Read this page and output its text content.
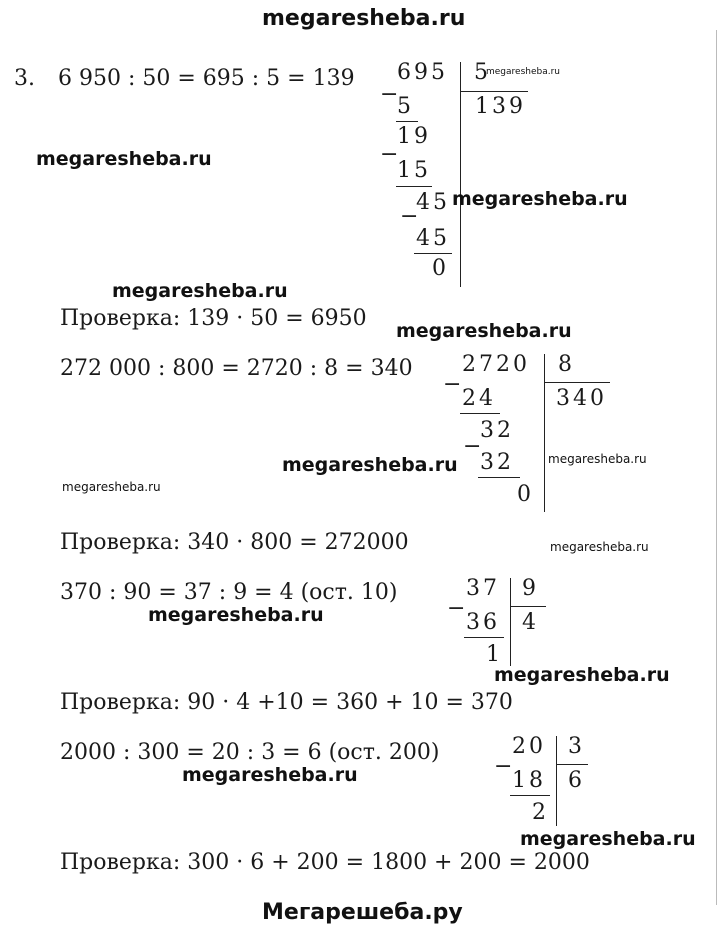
megaresheba.ru
3. 6 950 : 50 = 695 : 5 = 139
−
695 5
139
5
19
−
15
−
45
45
0
Проверка: 139 · 50 = 6950
272 000 : 800 = 2720 : 8 = 340
−
2720 8
340
24
−
32
32
0
Проверка: 340 · 800 = 272000
370 : 90 = 37 : 9 = 4 (ост. 10)
−
37 9
4
36
1
Проверка: 90 · 4 +10 = 360 + 10 = 370
2000 : 300 = 20 : 3 = 6 (ост. 200)
−
20 3
6
18
2
Проверка: 300 · 6 + 200 = 1800 + 200 = 2000
Мегарешеба.ру
megaresheba.ru
megaresheba.ru
megaresheba.ru
megaresheba.ru
megaresheba.ru
megaresheba.ru	megaresheba.ru
megaresheba.ru
megaresheba.ru
megaresheba.ru
megaresheba.ru
megaresheba.ru
megaresheba.ru
